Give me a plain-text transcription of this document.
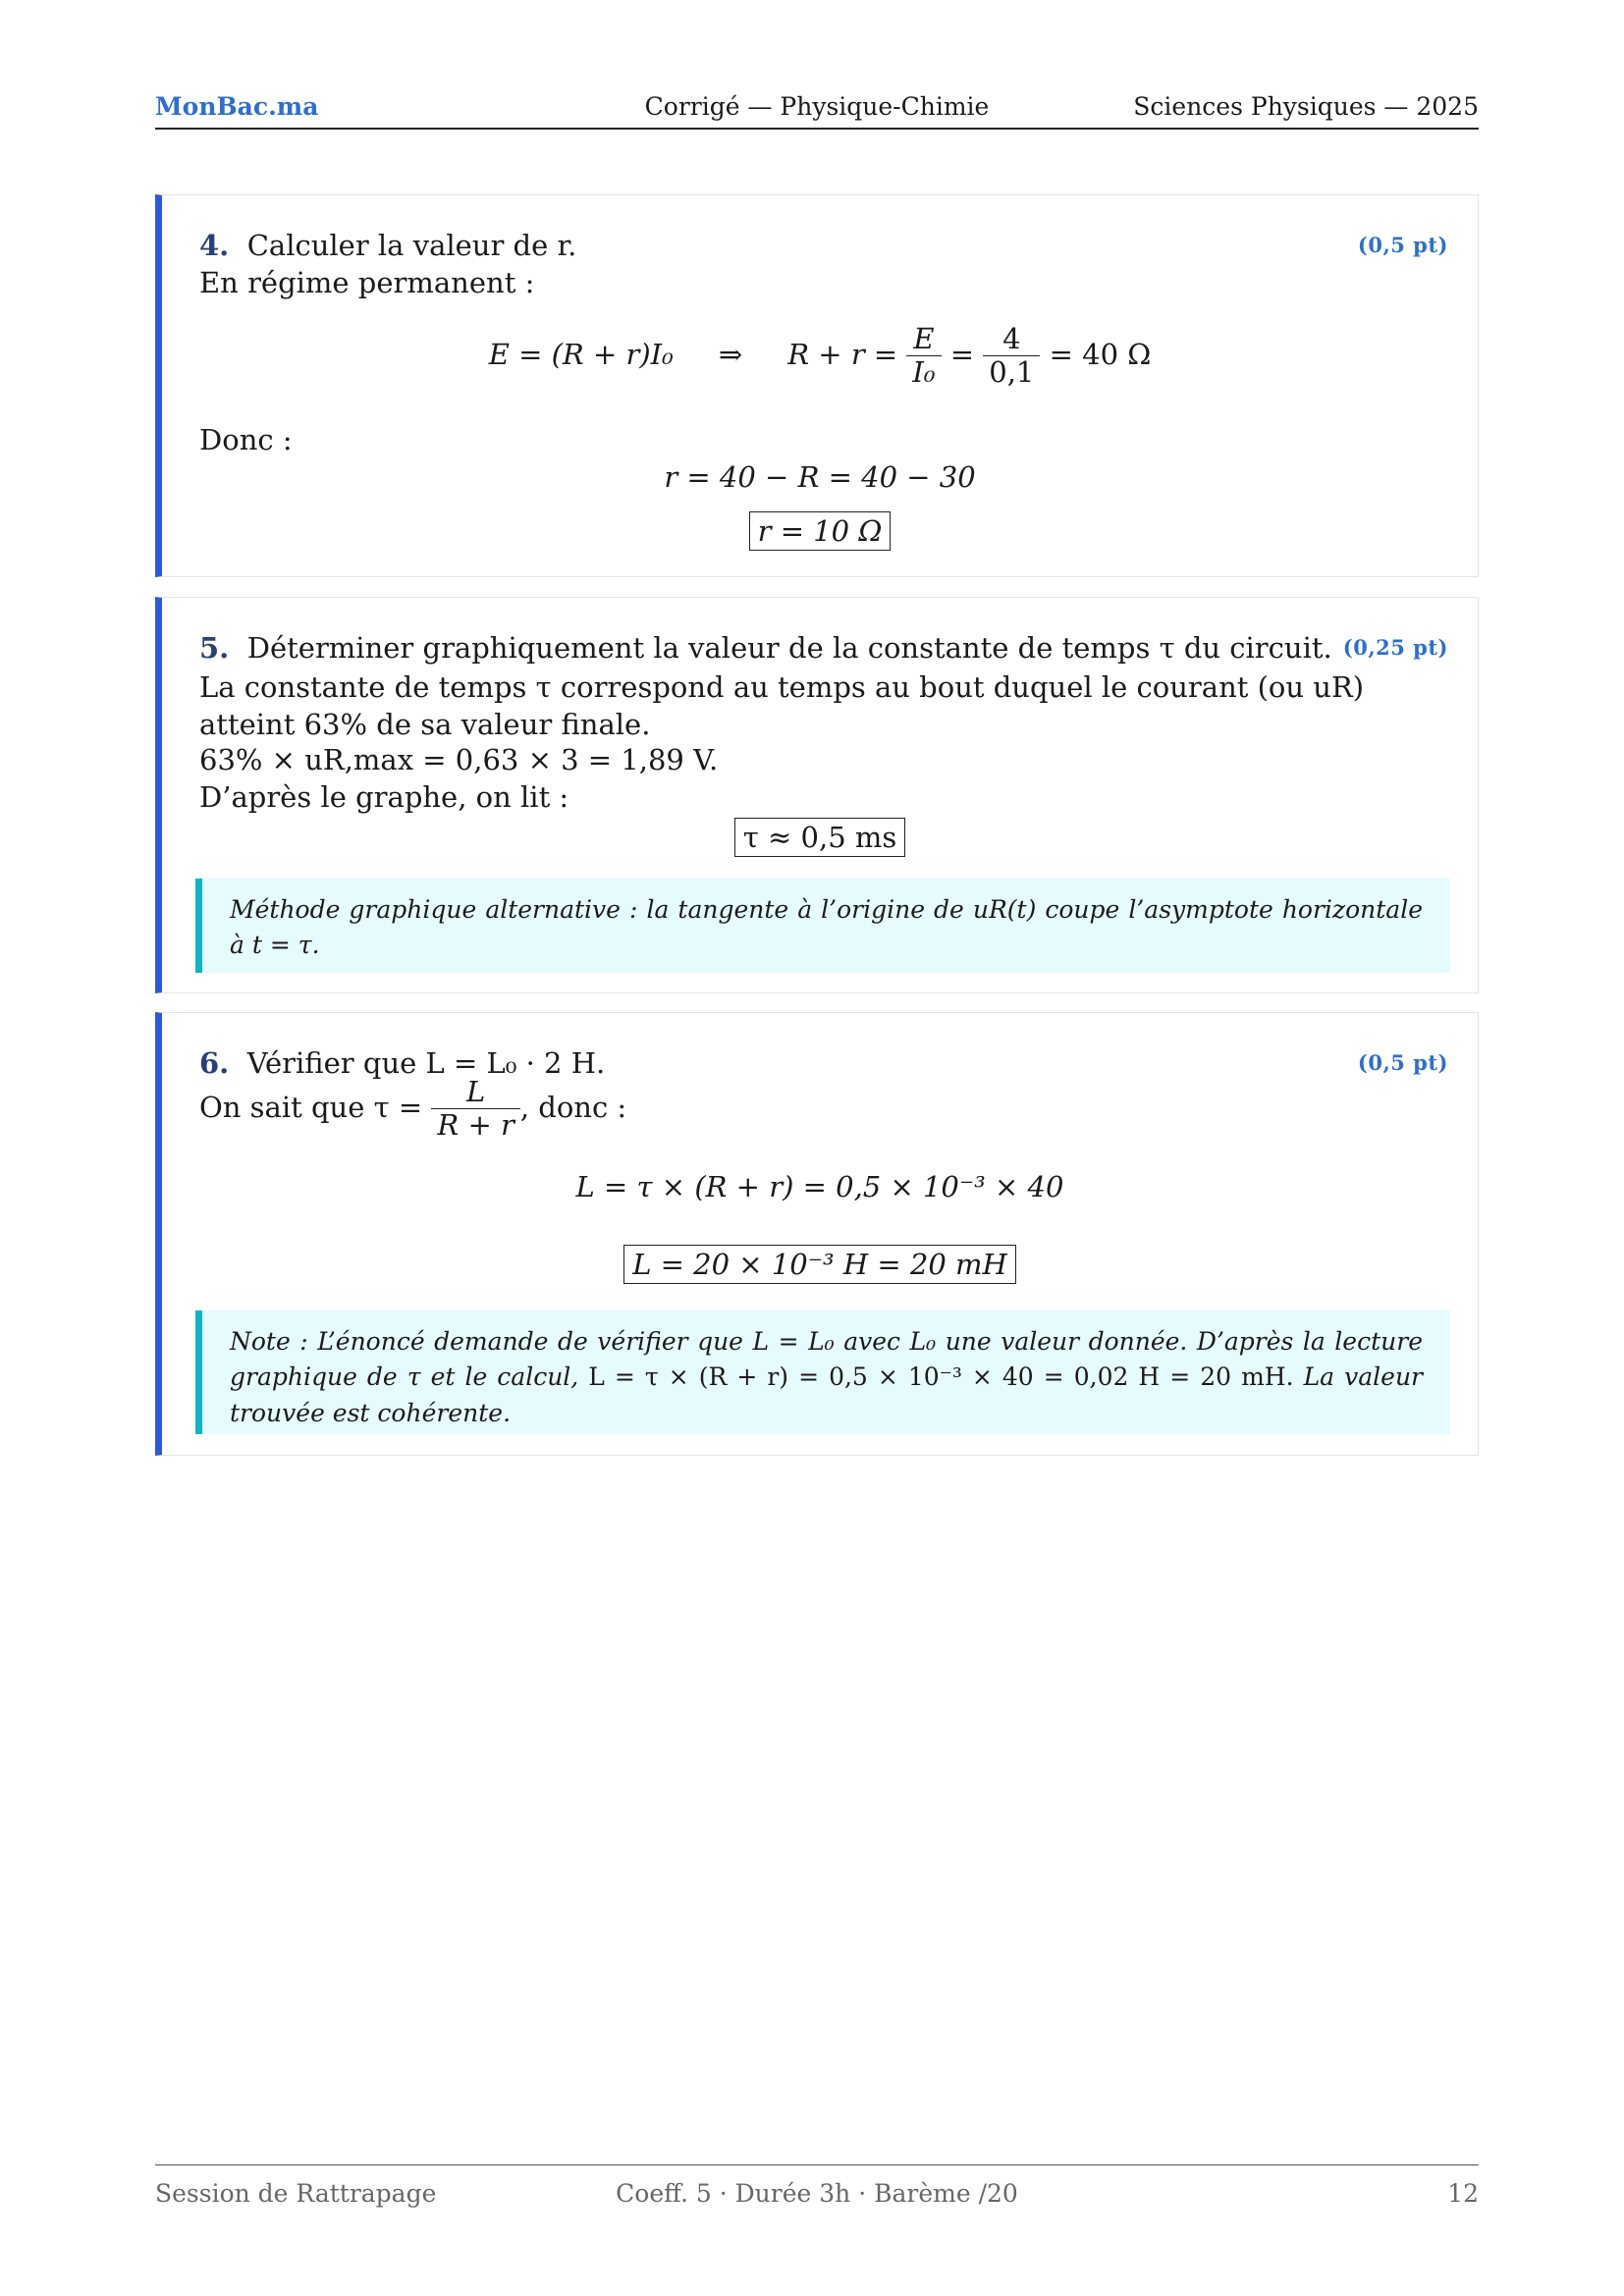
Corrigé — Physique-Chimie
MonBac.ma	Sciences Physiques — 2025
4. Calculer la valeur de r.	(0,5 pt)
En régime permanent :
E = (R + r)I₀ ⇒ $R + r = \frac{E}{\text{I₀}} = \frac{4}{0,1} = 40$ Ω
Donc :
r = 40 − R = 40 − 30
r = 10 Ω
5. Déterminer graphiquement la valeur de la constante de temps τ du circuit. (0,25 pt)
La constante de temps τ correspond au temps au bout duquel le courant (ou uR) atteint 63% de sa valeur finale.
63% × uR,max = 0,63 × 3 = 1,89 V.
D’après le graphe, on lit :
τ ≈ 0,5 ms
Méthode graphique alternative : la tangente à l’origine de uR(t) coupe l’asymptote horizontale à t = τ.
6. Vérifier que L = L₀ · 2 H.	(0,5 pt)
On sait que $\tau = \frac{L}{R + r}$ , donc :
L = τ × (R + r) = 0,5 × 10⁻³ × 40
L = 20 × 10⁻³ H = 20 mH
Note : L’énoncé demande de vérifier que L = L₀ avec L₀ une valeur donnée. D’après la lecture graphique de τ et le calcul, L = τ × (R + r) = 0,5 × 10⁻³ × 40 = 0,02 H = 20 mH. La valeur trouvée est cohérente.
Coeff. 5 · Durée 3h · Barème /20
Session de Rattrapage	12
